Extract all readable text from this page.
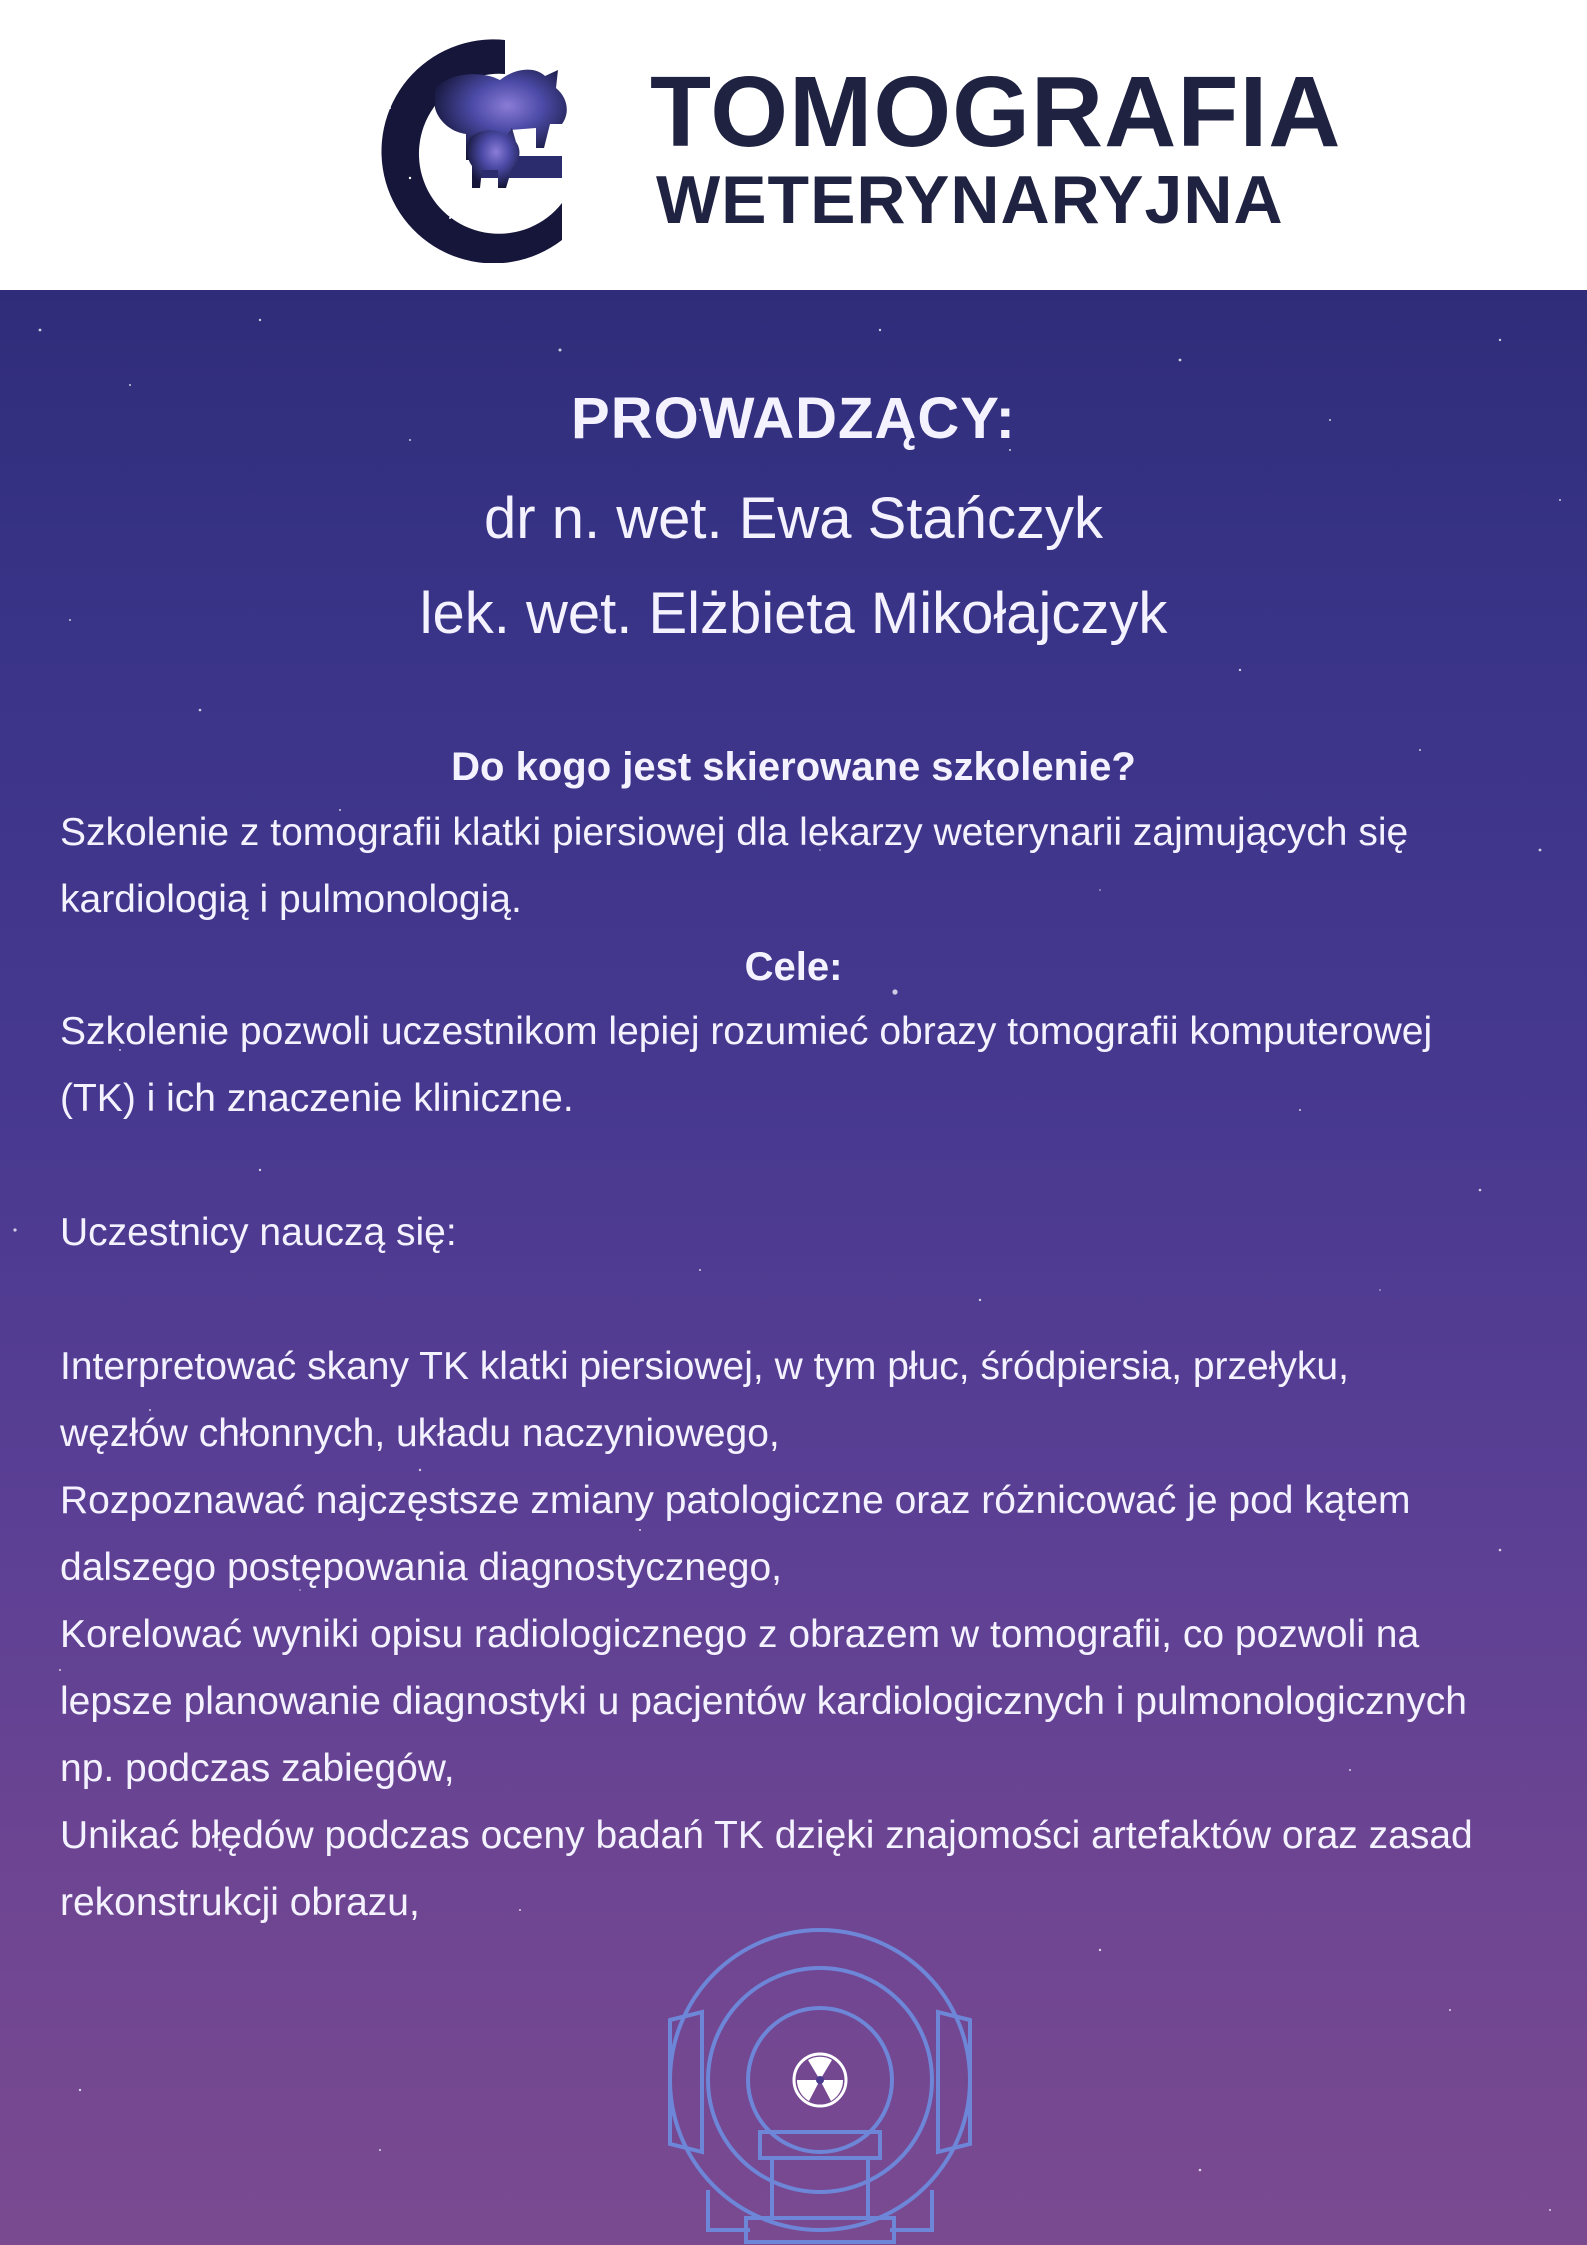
TOMOGRAFIA
WETERYNARYJNA
PROWADZĄCY:
dr n. wet. Ewa Stańczyk
lek. wet. Elżbieta Mikołajczyk
Do kogo jest skierowane szkolenie?
Szkolenie z tomografii klatki piersiowej dla lekarzy weterynarii zajmujących się
kardiologią i pulmonologią.
Cele:
Szkolenie pozwoli uczestnikom lepiej rozumieć obrazy tomografii komputerowej
(TK) i ich znaczenie kliniczne.
Uczestnicy nauczą się:
Interpretować skany TK klatki piersiowej, w tym płuc, śródpiersia, przełyku,
węzłów chłonnych, układu naczyniowego,
Rozpoznawać najczęstsze zmiany patologiczne oraz różnicować je pod kątem
dalszego postępowania diagnostycznego,
Korelować wyniki opisu radiologicznego z obrazem w tomografii, co pozwoli na
lepsze planowanie diagnostyki u pacjentów kardiologicznych i pulmonologicznych
np. podczas zabiegów,
Unikać błędów podczas oceny badań TK dzięki znajomości artefaktów oraz zasad
rekonstrukcji obrazu,
